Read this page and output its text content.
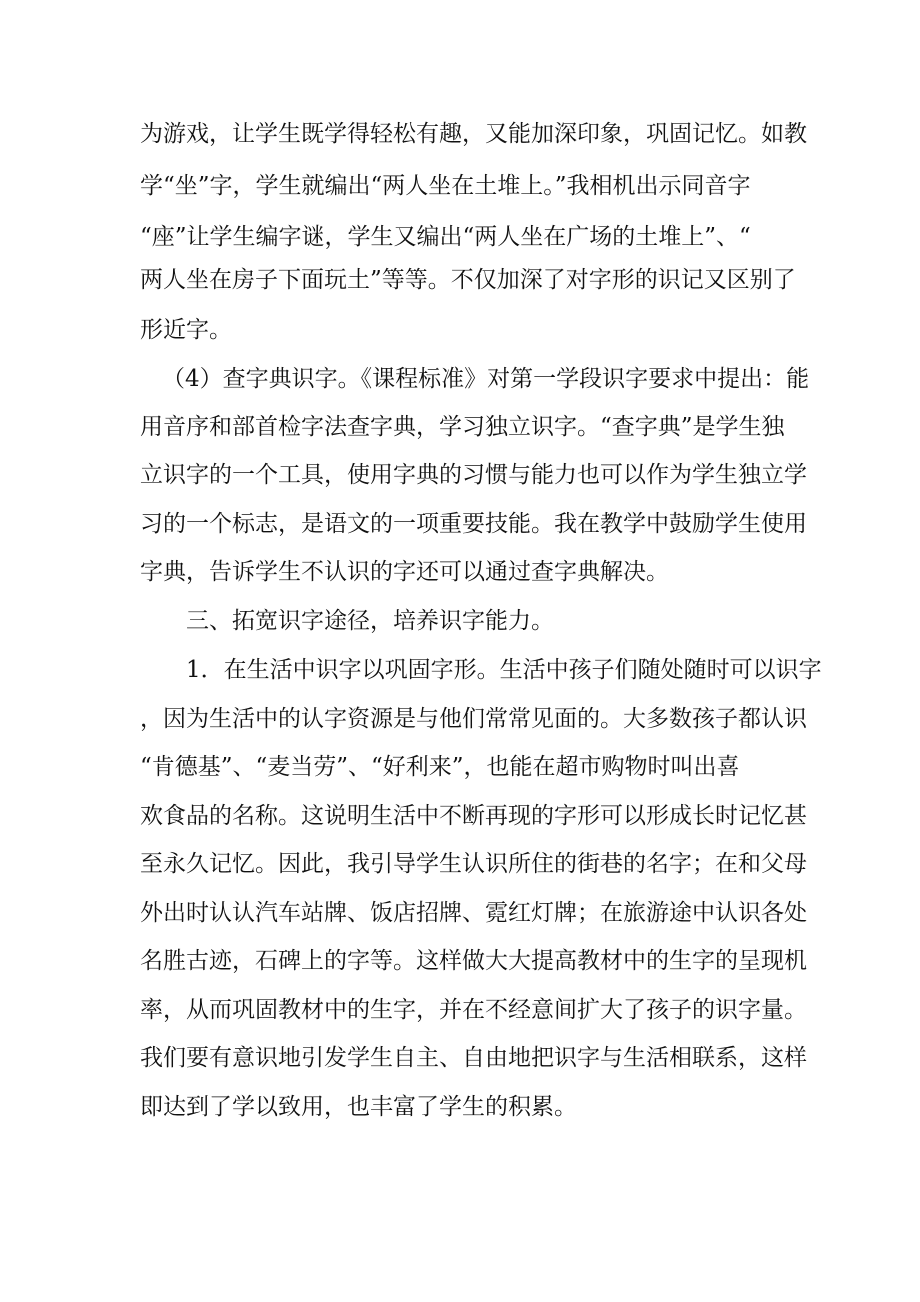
为游戏，让学生既学得轻松有趣，又能加深印象，巩固记忆。如教
学“坐”字，学生就编出“两人坐在土堆上。”我相机出示同音字
“座”让学生编字谜，学生又编出“两人坐在广场的土堆上”、“
两人坐在房子下面玩土”等等。不仅加深了对字形的识记又区别了
形近字。
（4）查字典识字。《课程标准》对第一学段识字要求中提出：能
用音序和部首检字法查字典，学习独立识字。“查字典”是学生独
立识字的一个工具，使用字典的习惯与能力也可以作为学生独立学
习的一个标志，是语文的一项重要技能。我在教学中鼓励学生使用
字典，告诉学生不认识的字还可以通过查字典解决。
三、拓宽识字途径，培养识字能力。
1．在生活中识字以巩固字形。生活中孩子们随处随时可以识字
，因为生活中的认字资源是与他们常常见面的。大多数孩子都认识
“肯德基”、“麦当劳”、“好利来”，也能在超市购物时叫出喜
欢食品的名称。这说明生活中不断再现的字形可以形成长时记忆甚
至永久记忆。因此，我引导学生认识所住的街巷的名字；在和父母
外出时认认汽车站牌、饭店招牌、霓红灯牌；在旅游途中认识各处
名胜古迹，石碑上的字等。这样做大大提高教材中的生字的呈现机
率，从而巩固教材中的生字，并在不经意间扩大了孩子的识字量。
我们要有意识地引发学生自主、自由地把识字与生活相联系，这样
即达到了学以致用，也丰富了学生的积累。
